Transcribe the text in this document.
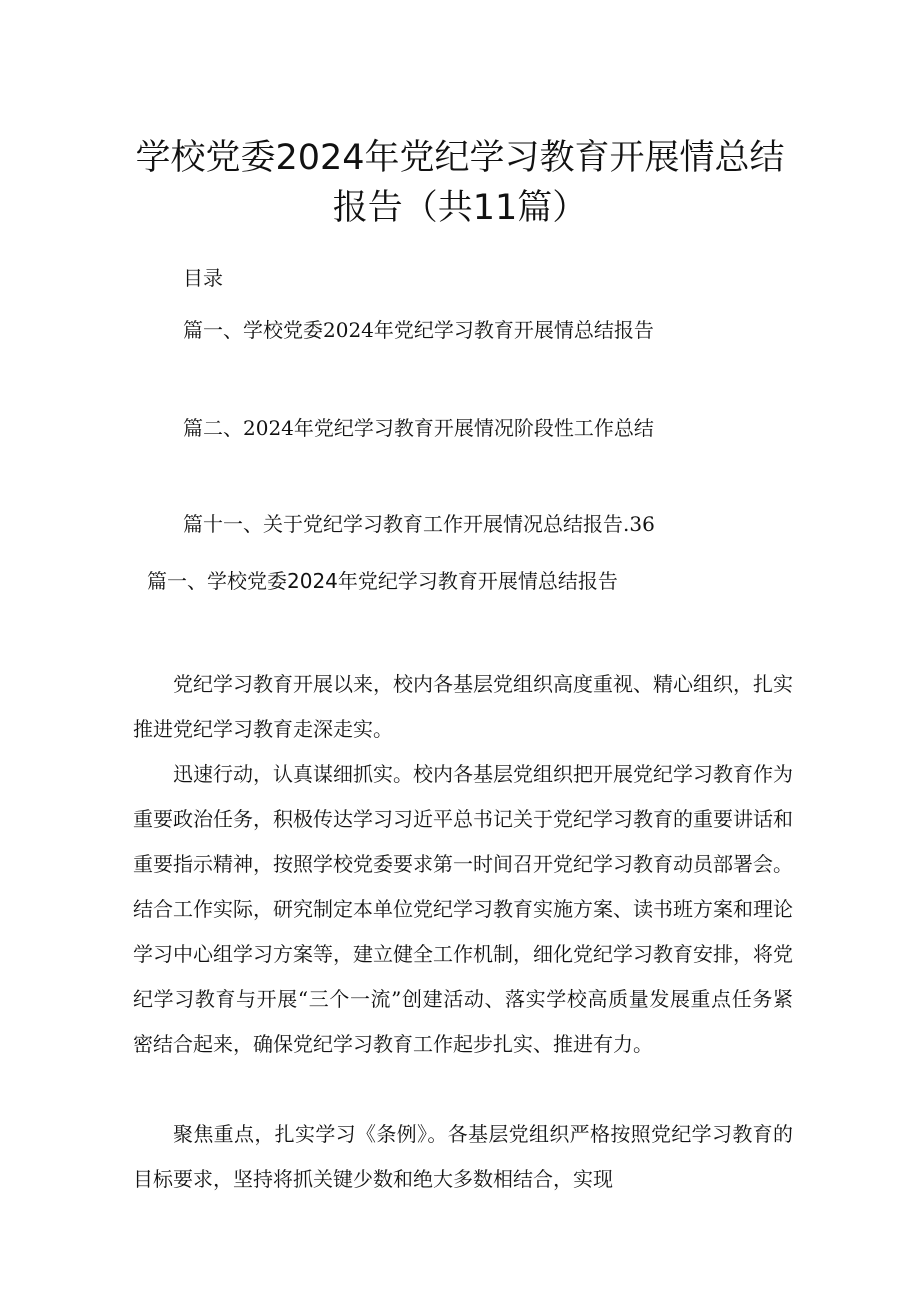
学校党委2024年党纪学习教育开展情总结
报告（共11篇）
目录
篇一、学校党委2024年党纪学习教育开展情总结报告
篇二、2024年党纪学习教育开展情况阶段性工作总结
篇十一、关于党纪学习教育工作开展情况总结报告.36
篇一、学校党委2024年党纪学习教育开展情总结报告

党纪学习教育开展以来，校内各基层党组织高度重视、精心组织，扎实推进党纪学习教育走深走实。

迅速行动，认真谋细抓实。校内各基层党组织把开展党纪学习教育作为重要政治任务，积极传达学习习近平总书记关于党纪学习教育的重要讲话和重要指示精神，按照学校党委要求第一时间召开党纪学习教育动员部署会。结合工作实际，研究制定本单位党纪学习教育实施方案、读书班方案和理论学习中心组学习方案等，建立健全工作机制，细化党纪学习教育安排，将党纪学习教育与开展“三个一流”创建活动、落实学校高质量发展重点任务紧密结合起来，确保党纪学习教育工作起步扎实、推进有力。

聚焦重点，扎实学习《条例》。各基层党组织严格按照党纪学习教育的目标要求，坚持将抓关键少数和绝大多数相结合，实现
